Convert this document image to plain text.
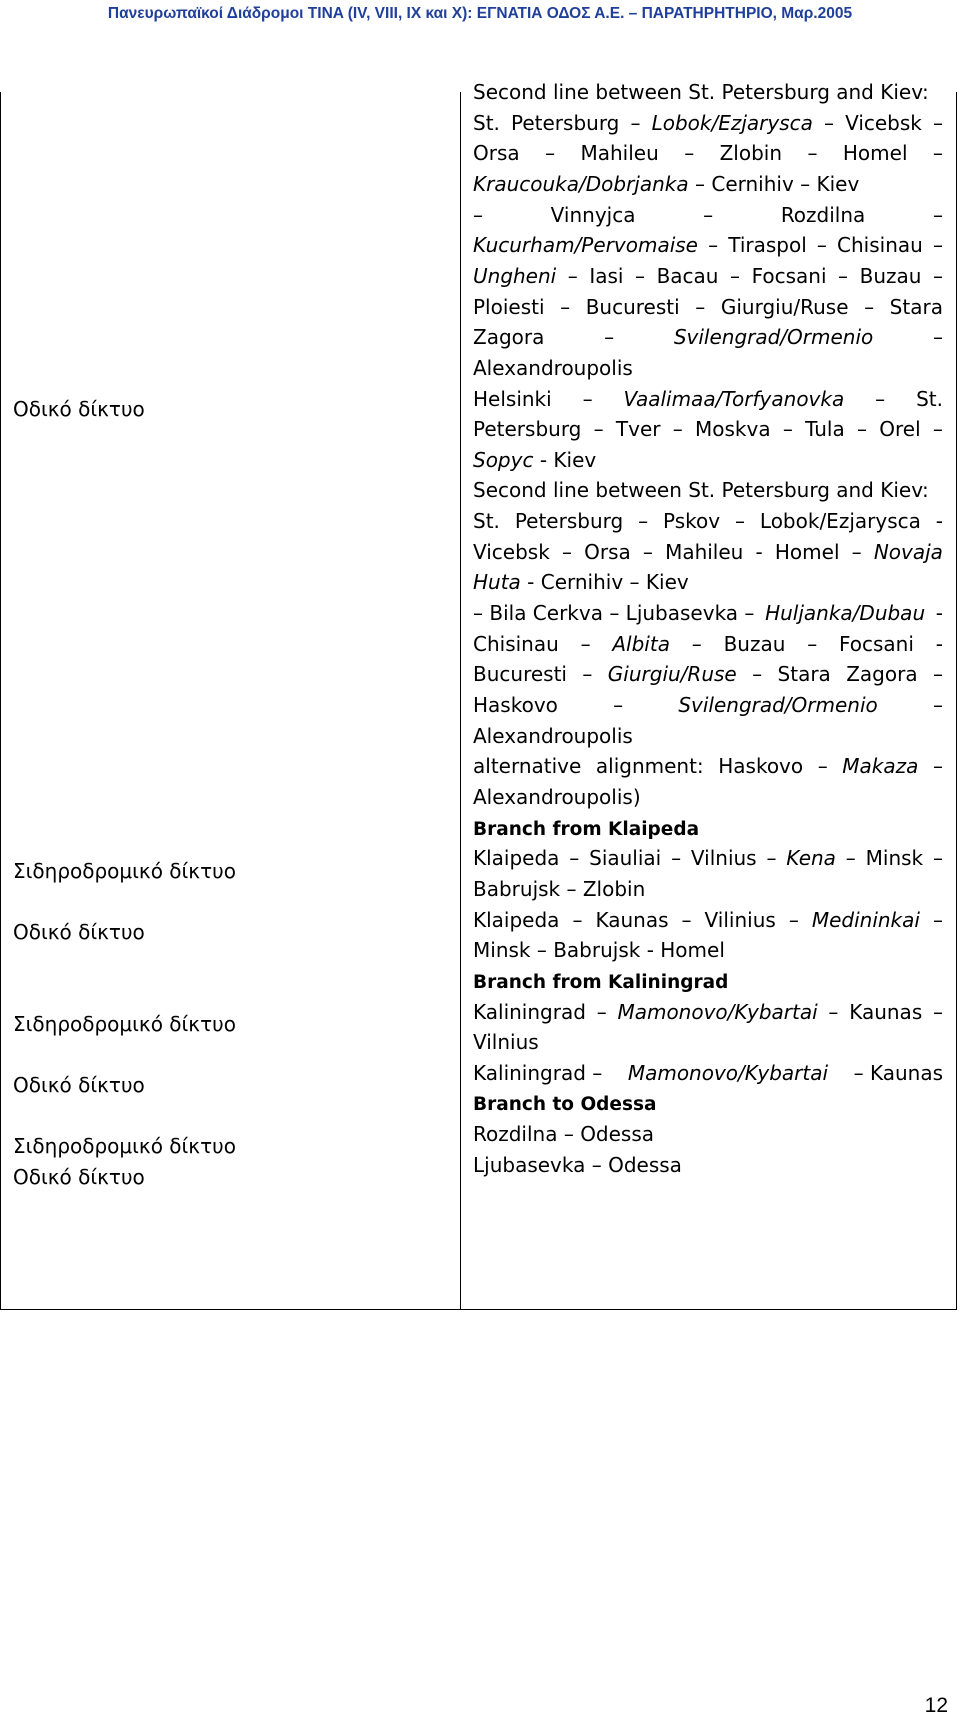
Πανευρωπαϊκοί Διάδρομοι TINA (IV, VIII, IX και X): ΕΓΝΑΤΙΑ ΟΔΟΣ Α.Ε. – ΠΑΡΑΤΗΡΗΤΗΡΙΟ, Μαρ.2005
Οδικό δίκτυο
Σιδηροδρομικό δίκτυο
Οδικό δίκτυο
Σιδηροδρομικό δίκτυο
Οδικό δίκτυο
Σιδηροδρομικό δίκτυο
Οδικό δίκτυο
Second line between St. Petersburg and Kiev:
St. Petersburg – Lobok/Ezjarysca – Vicebsk –
Orsa – Mahileu – Zlobin – Homel –
Kraucouka/Dobrjanka – Cernihiv – Kiev
–	Vinnyjca	–	Rozdilna	–
Kucurham/Pervomaise – Tiraspol – Chisinau –
Ungheni – Iasi – Bacau – Focsani – Buzau –
Ploiesti – Bucuresti – Giurgiu/Ruse – Stara
Zagora	–	Svilengrad/Ormenio	–
Alexandroupolis
Helsinki – Vaalimaa/Torfyanovka – St.
Petersburg – Tver – Moskva – Tula – Orel –
Sopyc - Kiev
Second line between St. Petersburg and Kiev:
St. Petersburg – Pskov – Lobok/Ezjarysca -
Vicebsk – Orsa – Mahileu - Homel – Novaja
Huta - Cernihiv – Kiev
– Bila Cerkva – Ljubasevka – Huljanka/Dubau -
Chisinau – Albita – Buzau – Focsani -
Bucuresti – Giurgiu/Ruse – Stara Zagora –
Haskovo	–	Svilengrad/Ormenio	–
Alexandroupolis
alternative alignment: Haskovo – Makaza –
Alexandroupolis)
Branch from Klaipeda
Klaipeda – Siauliai – Vilnius – Kena – Minsk –
Babrujsk – Zlobin
Klaipeda – Kaunas – Vilinius – Medininkai –
Minsk – Babrujsk - Homel
Branch from Kaliningrad
Kaliningrad – Mamonovo/Kybartai – Kaunas –
Vilnius
Kaliningrad – Mamonovo/Kybartai – Kaunas
Branch to Odessa
Rozdilna – Odessa
Ljubasevka – Odessa
12
